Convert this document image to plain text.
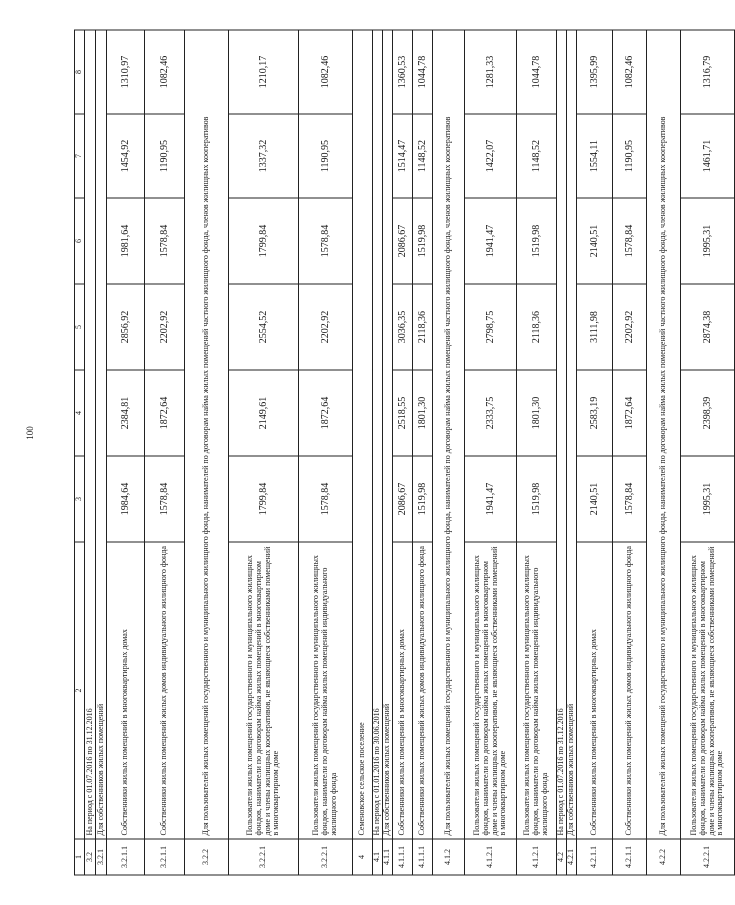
100
1	2	3	4	5	6	7	8
3.2	На период с 01.07.2016 по 31.12.2016						
3.2.1	Для собственников жилых помещений						
3.2.1.1	Собственники жилых помещений в многоквартирных домах	1984,64	2384,81	2856,92	1981,64	1454,92	1310,97
3.2.1.1	Собственники жилых помещений жилых домов индивидуального жилищного фонда	1578,84	1872,64	2202,92	1578,84	1190,95	1082,46
3.2.2	Для пользователей жилых помещений государственного и муниципального жилищного фонда, нанимателей по договорам найма жилых помещений частного жилищного фонда, членов жилищных кооперативов						
3.2.2.1	Пользователи жилых помещений государственного и муниципального жилищных фондов, наниматели по договорам найма жилых помещений в многоквартирном доме и члены жилищных кооперативов, не являющиеся собственниками помещений в многоквартирном доме	1799,84	2149,61	2554,52	1799,84	1337,32	1210,17
3.2.2.1	Пользователи жилых помещений государственного и муниципального жилищных фондов, наниматели по договорам найма жилых помещений индивидуального жилищного фонда	1578,84	1872,64	2202,92	1578,84	1190,95	1082,46
4	Семеновское сельское поселение						
4.1	На период с 01.01.2016 по 30.06.2016						
4.1.1	Для собственников жилых помещений						
4.1.1.1	Собственники жилых помещений в многоквартирных домах	2086,67	2518,55	3036,35	2086,67	1514,47	1360,53
4.1.1.1	Собственники жилых помещений жилых домов индивидуального жилищного фонда	1519,98	1801,30	2118,36	1519,98	1148,52	1044,78
4.1.2	Для пользователей жилых помещений государственного и муниципального жилищного фонда, нанимателей по договорам найма жилых помещений частного жилищного фонда, членов жилищных кооперативов						
4.1.2.1	Пользователи жилых помещений государственного и муниципального жилищных фондов, наниматели по договорам найма жилых помещений в многоквартирном доме и члены жилищных кооперативов, не являющиеся собственниками помещений в многоквартирном доме	1941,47	2333,75	2798,75	1941,47	1422,07	1281,33
4.1.2.1	Пользователи жилых помещений государственного и муниципального жилищных фондов, наниматели по договорам найма жилых помещений индивидуального жилищного фонда	1519,98	1801,30	2118,36	1519,98	1148,52	1044,78
4.2	На период с 01.07.2016 по 31.12.2016						
4.2.1	Для собственников жилых помещений						
4.2.1.1	Собственники жилых помещений в многоквартирных домах	2140,51	2583,19	3111,98	2140,51	1554,11	1395,99
4.2.1.1	Собственники жилых помещений жилых домов индивидуального жилищного фонда	1578,84	1872,64	2202,92	1578,84	1190,95	1082,46
4.2.2	Для пользователей жилых помещений государственного и муниципального жилищного фонда, нанимателей по договорам найма жилых помещений частного жилищного фонда, членов жилищных кооперативов						
4.2.2.1	Пользователи жилых помещений государственного и муниципального жилищных фондов, наниматели по договорам найма жилых помещений в многоквартирном доме и члены жилищных кооперативов, не являющиеся собственниками помещений в многоквартирном доме	1995,31	2398,39	2874,38	1995,31	1461,71	1316,79
